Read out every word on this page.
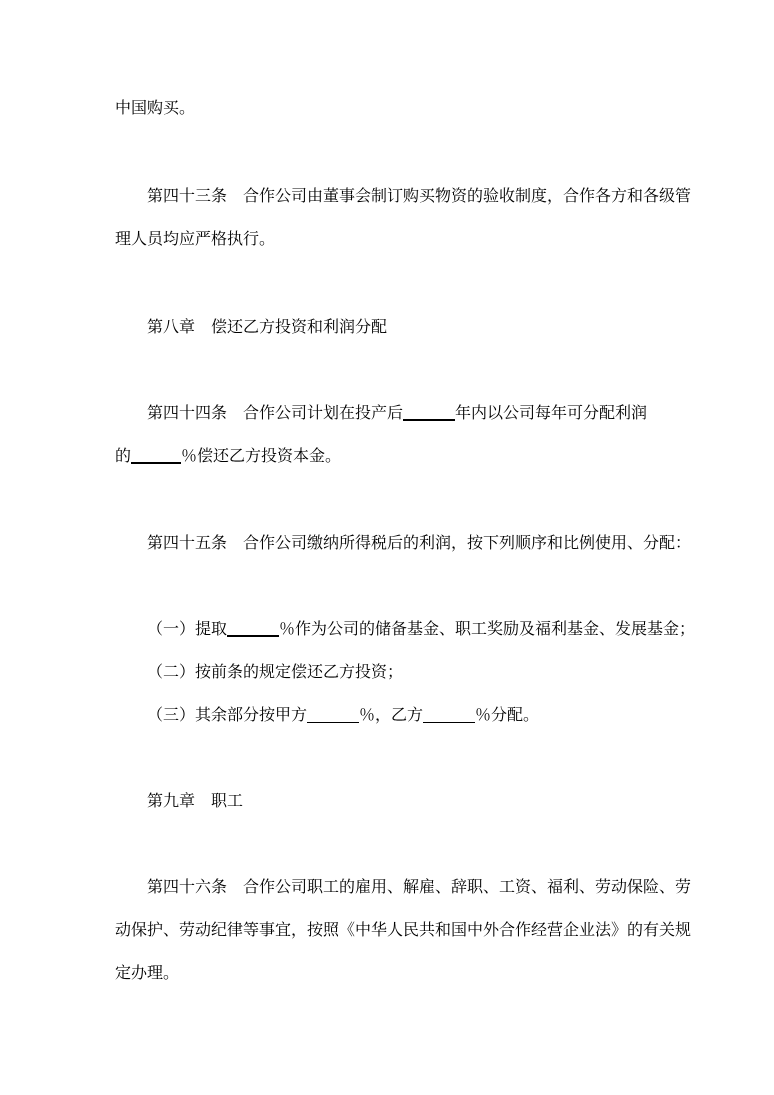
中国购买。
第四十三条 合作公司由董事会制订购买物资的验收制度，合作各方和各级管
理人员均应严格执行。
第八章 偿还乙方投资和利润分配
第四十四条 合作公司计划在投产后	年内以公司每年可分配利润
的	％偿还乙方投资本金。
第四十五条 合作公司缴纳所得税后的利润，按下列顺序和比例使用、分配：
（一）提取	％作为公司的储备基金、职工奖励及福利基金、发展基金；
（二）按前条的规定偿还乙方投资；
（三）其余部分按甲方	％，乙方	％分配。
第九章 职工
第四十六条 合作公司职工的雇用、解雇、辞职、工资、福利、劳动保险、劳
动保护、劳动纪律等事宜，按照《中华人民共和国中外合作经营企业法》的有关规
定办理。
